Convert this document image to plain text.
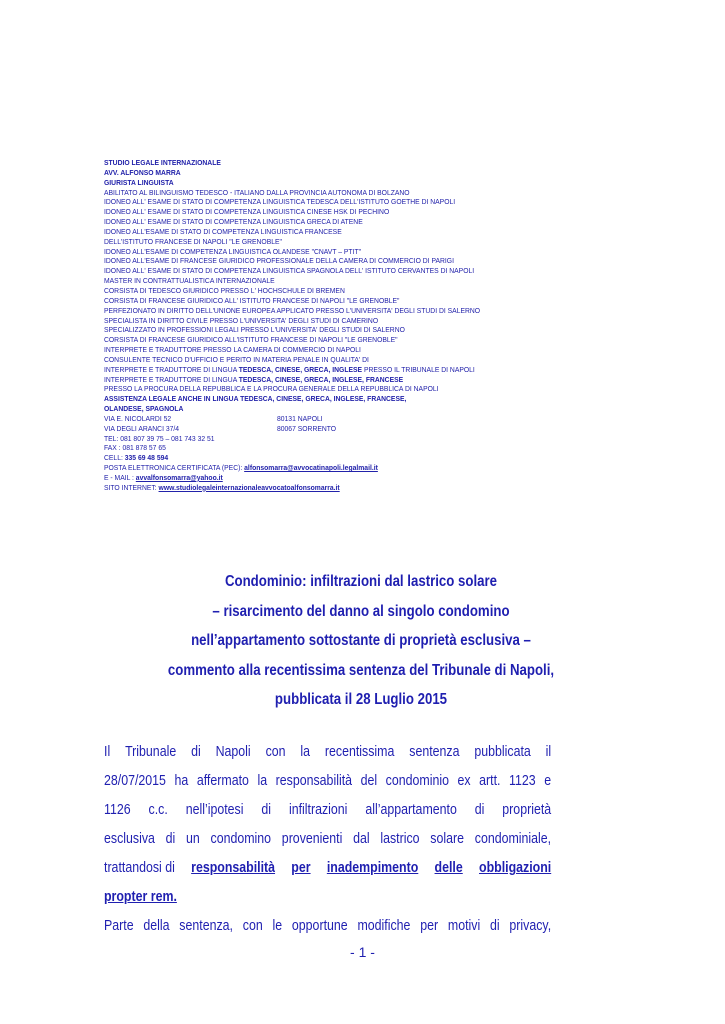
STUDIO LEGALE INTERNAZIONALE
AVV. ALFONSO MARRA
GIURISTA LINGUISTA
ABILITATO AL BILINGUISMO TEDESCO - ITALIANO DALLA PROVINCIA AUTONOMA DI BOLZANO
IDONEO ALL' ESAME DI STATO DI COMPETENZA LINGUISTICA TEDESCA DELL'ISTITUTO GOETHE DI NAPOLI
IDONEO ALL' ESAME DI STATO DI COMPETENZA LINGUISTICA CINESE HSK DI PECHINO
IDONEO ALL' ESAME DI STATO DI COMPETENZA LINGUISTICA GRECA DI ATENE
IDONEO ALL'ESAME DI STATO DI COMPETENZA LINGUISTICA FRANCESE
DELL'ISTITUTO FRANCESE DI NAPOLI "LE GRENOBLE"
IDONEO ALL'ESAME DI COMPETENZA LINGUISTICA OLANDESE "CNAVT – PTIT"
IDONEO ALL'ESAME DI FRANCESE GIURIDICO PROFESSIONALE DELLA CAMERA DI COMMERCIO DI PARIGI
IDONEO ALL' ESAME DI STATO DI COMPETENZA LINGUISTICA SPAGNOLA DELL' ISTITUTO CERVANTES DI NAPOLI
MASTER IN CONTRATTUALISTICA INTERNAZIONALE
CORSISTA DI TEDESCO GIURIDICO PRESSO L' HOCHSCHULE DI BREMEN
CORSISTA DI FRANCESE GIURIDICO ALL' ISTITUTO FRANCESE DI NAPOLI "LE GRENOBLE"
PERFEZIONATO IN DIRITTO DELL'UNIONE EUROPEA APPLICATO PRESSO L'UNIVERSITA' DEGLI STUDI DI SALERNO
SPECIALISTA IN DIRITTO CIVILE PRESSO L'UNIVERSITA' DEGLI STUDI DI CAMERINO
SPECIALIZZATO IN PROFESSIONI LEGALI PRESSO L'UNIVERSITA' DEGLI STUDI DI SALERNO
CORSISTA DI FRANCESE GIURIDICO ALL'ISTITUTO FRANCESE DI NAPOLI "LE GRENOBLE"
INTERPRETE E TRADUTTORE PRESSO LA CAMERA DI COMMERCIO DI NAPOLI
CONSULENTE TECNICO D'UFFICIO E PERITO IN MATERIA PENALE IN QUALITA' DI
INTERPRETE E TRADUTTORE DI LINGUA TEDESCA, CINESE, GRECA, INGLESE PRESSO IL TRIBUNALE DI NAPOLI
INTERPRETE E TRADUTTORE DI LINGUA TEDESCA, CINESE, GRECA, INGLESE, FRANCESE
PRESSO LA PROCURA DELLA REPUBBLICA E LA PROCURA GENERALE DELLA REPUBBLICA DI NAPOLI
ASSISTENZA LEGALE ANCHE IN LINGUA TEDESCA, CINESE, GRECA, INGLESE, FRANCESE,
OLANDESE, SPAGNOLA
VIA E. NICOLARDI 52	80131 NAPOLI
VIA DEGLI ARANCI 37/4	80067 SORRENTO
TEL: 081 807 39 75 – 081 743 32 51
FAX : 081 878 57 65
CELL: 335 69 48 594
POSTA ELETTRONICA CERTIFICATA (PEC): alfonsomarra@avvocatinapoli.legalmail.it
E - MAIL : avvalfonsomarra@yahoo.it
SITO INTERNET: www.studiolegaleinternazionaleavvocatoalfonsomarra.it
Condominio: infiltrazioni dal lastrico solare
– risarcimento del danno al singolo condomino
nell’appartamento sottostante di proprietà esclusiva –
commento alla recentissima sentenza del Tribunale di Napoli,
pubblicata il 28 Luglio 2015
Il Tribunale di Napoli con la recentissima sentenza pubblicata il
28/07/2015 ha affermato la responsabilità del condominio ex artt. 1123 e
1126 c.c. nell’ipotesi di infiltrazioni all’appartamento di proprietà
esclusiva di un condomino provenienti dal lastrico solare condominiale,
trattandosi di responsabilità per inadempimento delle obbligazioni
propter rem.
Parte della sentenza, con le opportune modifiche per motivi di privacy,
- 1 -
